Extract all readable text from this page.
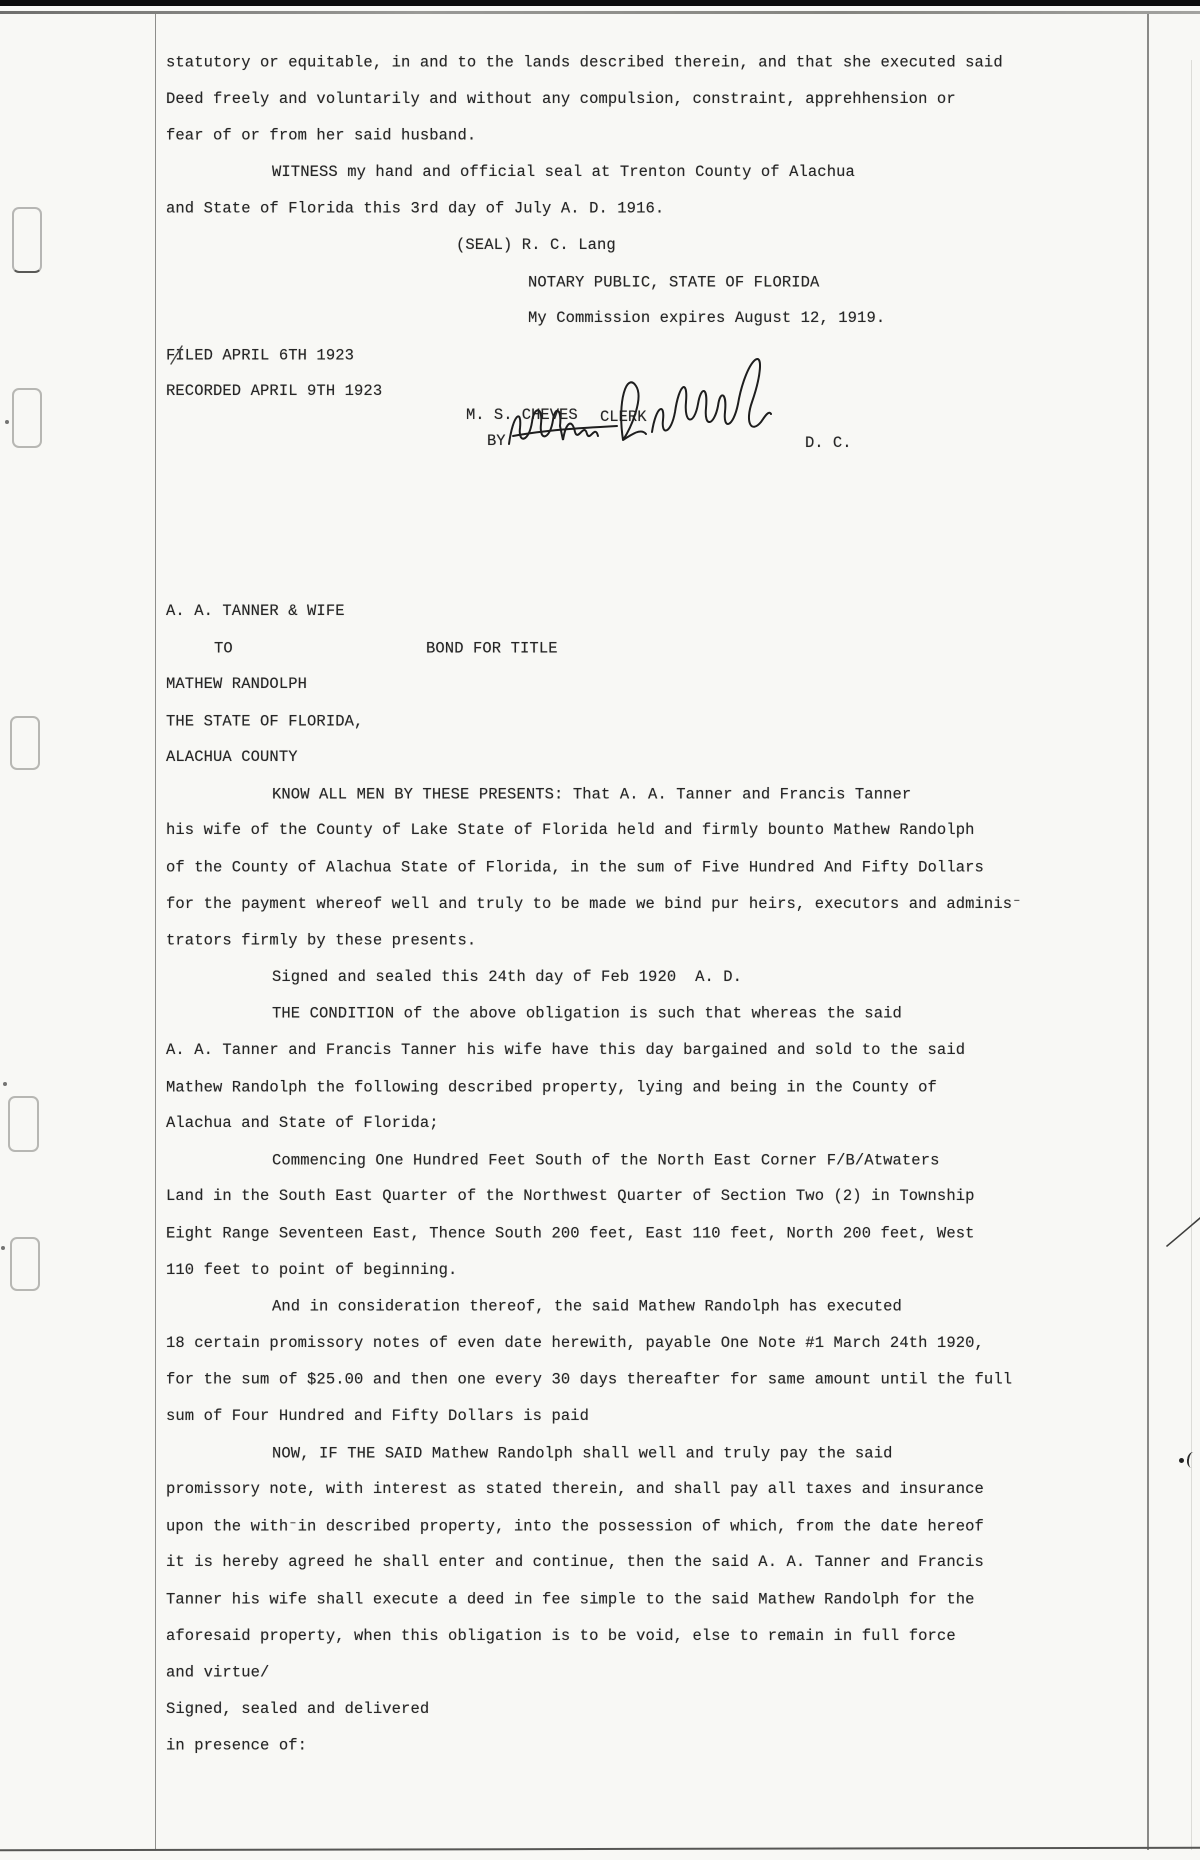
statutory or equitable, in and to the lands described therein, and that she executed said
Deed freely and voluntarily and without any compulsion, constraint, apprehhension or
fear of or from her said husband.
WITNESS my hand and official seal at Trenton County of Alachua
and State of Florida this 3rd day of July A. D. 1916.
(SEAL) R. C. Lang
NOTARY PUBLIC, STATE OF FLORIDA
My Commission expires August 12, 1919.
FILED APRIL 6TH 1923
RECORDED APRIL 9TH 1923
A. A. TANNER & WIFE
TO	BOND FOR TITLE
MATHEW RANDOLPH
THE STATE OF FLORIDA,
ALACHUA COUNTY
KNOW ALL MEN BY THESE PRESENTS: That A. A. Tanner and Francis Tanner
his wife of the County of Lake State of Florida held and firmly bounto Mathew Randolph
of the County of Alachua State of Florida, in the sum of Five Hundred And Fifty Dollars
for the payment whereof well and truly to be made we bind pur heirs, executors and adminis⁻
trators firmly by these presents.
Signed and sealed this 24th day of Feb 1920  A. D.
THE CONDITION of the above obligation is such that whereas the said
A. A. Tanner and Francis Tanner his wife have this day bargained and sold to the said
Mathew Randolph the following described property, lying and being in the County of
Alachua and State of Florida;
Commencing One Hundred Feet South of the North East Corner F/B/Atwaters
Land in the South East Quarter of the Northwest Quarter of Section Two (2) in Township
Eight Range Seventeen East, Thence South 200 feet, East 110 feet, North 200 feet, West
110 feet to point of beginning.
And in consideration thereof, the said Mathew Randolph has executed
18 certain promissory notes of even date herewith, payable One Note #1 March 24th 1920,
for the sum of $25.00 and then one every 30 days thereafter for same amount until the full
sum of Four Hundred and Fifty Dollars is paid
NOW, IF THE SAID Mathew Randolph shall well and truly pay the said
promissory note, with interest as stated therein, and shall pay all taxes and insurance
upon the with⁻in described property, into the possession of which, from the date hereof
it is hereby agreed he shall enter and continue, then the said A. A. Tanner and Francis
Tanner his wife shall execute a deed in fee simple to the said Mathew Randolph for the
aforesaid property, when this obligation is to be void, else to remain in full force
and virtue/
Signed, sealed and delivered
in presence of:
M. S. CHEVES CLERK
BY	D. C.
